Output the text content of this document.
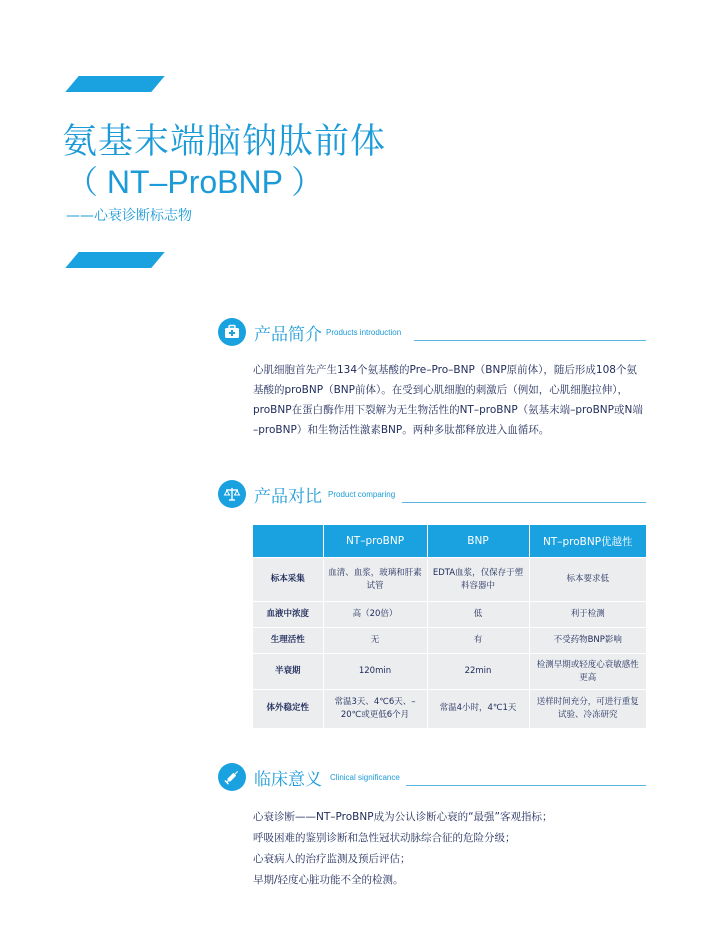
氨基末端脑钠肽前体
（ NT–ProBNP ）
——心衰诊断标志物
产品简介 Products introduction
心肌细胞首先产生134个氨基酸的Pre–Pro–BNP（BNP原前体），随后形成108个氨
基酸的proBNP（BNP前体）。在受到心肌细胞的刺激后（例如，心肌细胞拉伸），
proBNP在蛋白酶作用下裂解为无生物活性的NT–proBNP（氨基末端–proBNP或N端
–proBNP）和生物活性激素BNP。两种多肽都释放进入血循环。
产品对比 Product comparing
	NT–proBNP	BNP	NT–proBNP优越性
标本采集	血清、血浆，玻璃和肝素试管	EDTA血浆，仅保存于塑料容器中	标本要求低
血液中浓度	高（20倍）	低	利于检测
生理活性	无	有	不受药物BNP影响
半衰期	120min	22min	检测早期或轻度心衰敏感性更高
体外稳定性	常温3天、4℃6天、–20℃或更低6个月	常温4小时，4℃1天	送样时间充分，可进行重复试验、冷冻研究
临床意义 Clinical significance
心衰诊断——NT–ProBNP成为公认诊断心衰的“最强”客观指标；
呼吸困难的鉴别诊断和急性冠状动脉综合征的危险分级；
心衰病人的治疗监测及预后评估；
早期/轻度心脏功能不全的检测。
